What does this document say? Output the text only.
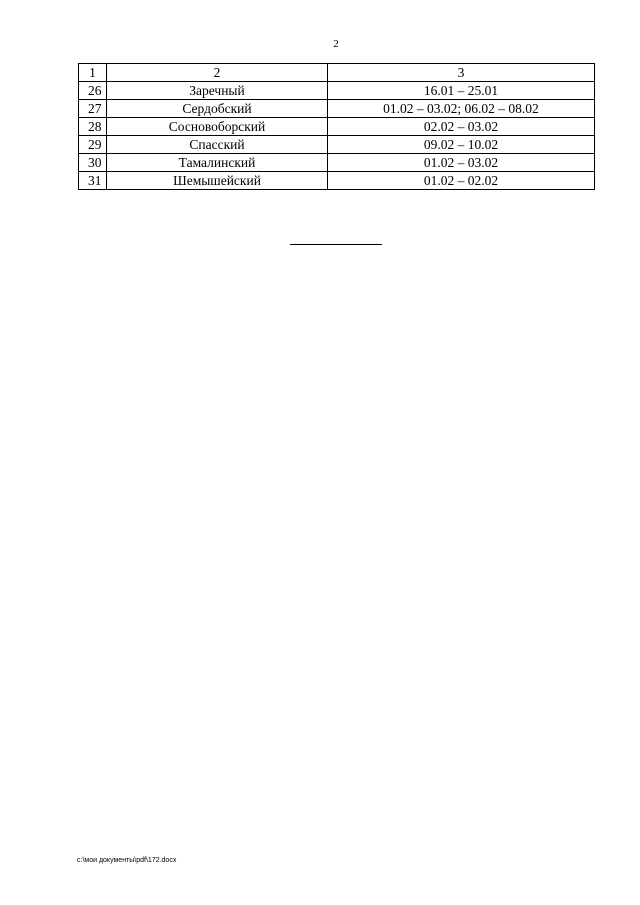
2
1	2	3
26	Заречный	16.01 – 25.01
27	Сердобский	01.02 – 03.02; 06.02 – 08.02
28	Сосновоборский	02.02 – 03.02
29	Спасский	09.02 – 10.02
30	Тамалинский	01.02 – 03.02
31	Шемышейский	01.02 – 02.02
c:\мои документы\pdf\172.docx
